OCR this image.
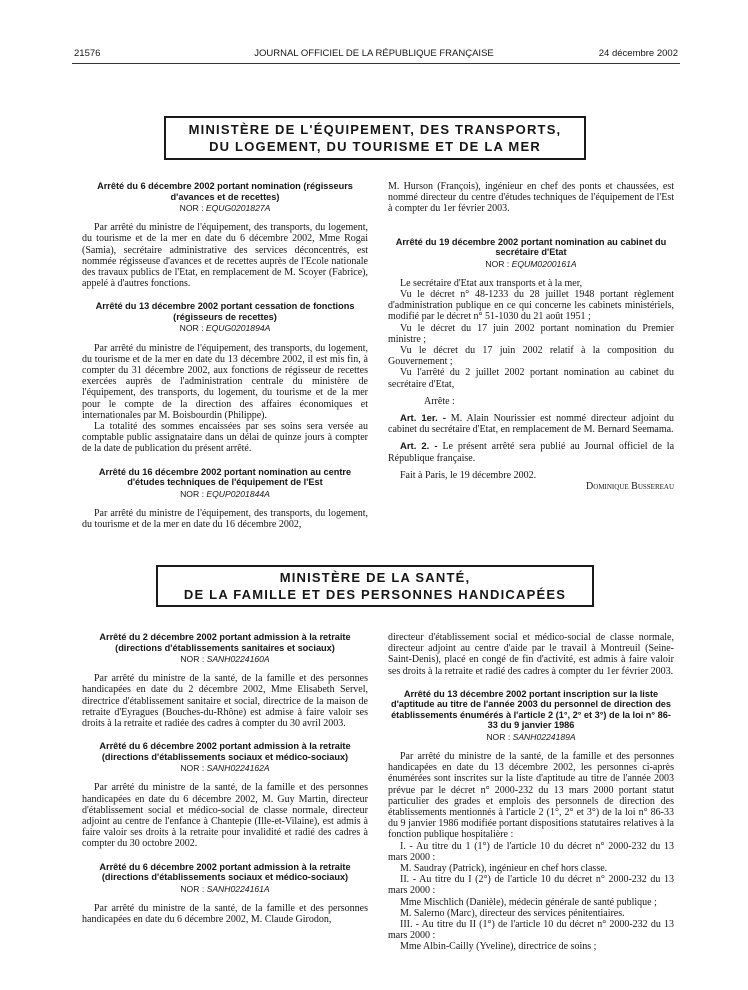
21576	JOURNAL OFFICIEL DE LA RÉPUBLIQUE FRANÇAISE	24 décembre 2002
MINISTÈRE DE L'ÉQUIPEMENT, DES TRANSPORTS,
DU LOGEMENT, DU TOURISME ET DE LA MER

Arrêté du 6 décembre 2002 portant nomination (régisseurs d'avances et de recettes)

NOR : EQUG0201827A

Par arrêté du ministre de l'équipement, des transports, du logement, du tourisme et de la mer en date du 6 décembre 2002, Mme Rogai (Samia), secrétaire administrative des services déconcentrés, est nommée régisseuse d'avances et de recettes auprès de l'Ecole nationale des travaux publics de l'Etat, en remplacement de M. Scoyer (Fabrice), appelé à d'autres fonctions.

Arrêté du 13 décembre 2002 portant cessation de fonctions (régisseurs de recettes)

NOR : EQUG0201894A

Par arrêté du ministre de l'équipement, des transports, du logement, du tourisme et de la mer en date du 13 décembre 2002, il est mis fin, à compter du 31 décembre 2002, aux fonctions de régisseur de recettes exercées auprès de l'administration centrale du ministère de l'équipement, des transports, du logement, du tourisme et de la mer pour le compte de la direction des affaires économiques et internationales par M. Boisbourdin (Philippe).

La totalité des sommes encaissées par ses soins sera versée au comptable public assignataire dans un délai de quinze jours à compter de la date de publication du présent arrêté.

Arrêté du 16 décembre 2002 portant nomination au centre d'études techniques de l'équipement de l'Est

NOR : EQUP0201844A

Par arrêté du ministre de l'équipement, des transports, du logement, du tourisme et de la mer en date du 16 décembre 2002,

M. Hurson (François), ingénieur en chef des ponts et chaussées, est nommé directeur du centre d'études techniques de l'équipement de l'Est à compter du 1er février 2003.

Arrêté du 19 décembre 2002 portant nomination au cabinet du secrétaire d'Etat

NOR : EQUM0200161A

Le secrétaire d'Etat aux transports et à la mer,

Vu le décret n° 48-1233 du 28 juillet 1948 portant règlement d'administration publique en ce qui concerne les cabinets ministériels, modifié par le décret n° 51-1030 du 21 août 1951 ;

Vu le décret du 17 juin 2002 portant nomination du Premier ministre ;

Vu le décret du 17 juin 2002 relatif à la composition du Gouvernement ;

Vu l'arrêté du 2 juillet 2002 portant nomination au cabinet du secrétaire d'Etat,

Arrête :

Art. 1er. - M. Alain Nourissier est nommé directeur adjoint du cabinet du secrétaire d'Etat, en remplacement de M. Bernard Seemama.

Art. 2. - Le présent arrêté sera publié au Journal officiel de la République française.

Fait à Paris, le 19 décembre 2002.

Dominique Bussereau

MINISTÈRE DE LA SANTÉ,
DE LA FAMILLE ET DES PERSONNES HANDICAPÉES

Arrêté du 2 décembre 2002 portant admission à la retraite (directions d'établissements sanitaires et sociaux)

NOR : SANH0224160A

Par arrêté du ministre de la santé, de la famille et des personnes handicapées en date du 2 décembre 2002, Mme Elisabeth Servel, directrice d'établissement sanitaire et social, directrice de la maison de retraite d'Eyragues (Bouches-du-Rhône) est admise à faire valoir ses droits à la retraite et radiée des cadres à compter du 30 avril 2003.

Arrêté du 6 décembre 2002 portant admission à la retraite (directions d'établissements sociaux et médico-sociaux)

NOR : SANH0224162A

Par arrêté du ministre de la santé, de la famille et des personnes handicapées en date du 6 décembre 2002, M. Guy Martin, directeur d'établissement social et médico-social de classe normale, directeur adjoint au centre de l'enfance à Chantepie (Ille-et-Vilaine), est admis à faire valoir ses droits à la retraite pour invalidité et radié des cadres à compter du 30 octobre 2002.

Arrêté du 6 décembre 2002 portant admission à la retraite (directions d'établissements sociaux et médico-sociaux)

NOR : SANH0224161A

Par arrêté du ministre de la santé, de la famille et des personnes handicapées en date du 6 décembre 2002, M. Claude Girodon,

directeur d'établissement social et médico-social de classe normale, directeur adjoint au centre d'aide par le travail à Montreuil (Seine-Saint-Denis), placé en congé de fin d'activité, est admis à faire valoir ses droits à la retraite et radié des cadres à compter du 1er février 2003.

Arrêté du 13 décembre 2002 portant inscription sur la liste d'aptitude au titre de l'année 2003 du personnel de direction des établissements énumérés à l'article 2 (1°, 2° et 3°) de la loi n° 86-33 du 9 janvier 1986

NOR : SANH0224189A

Par arrêté du ministre de la santé, de la famille et des personnes handicapées en date du 13 décembre 2002, les personnes ci-après énumérées sont inscrites sur la liste d'aptitude au titre de l'année 2003 prévue par le décret n° 2000-232 du 13 mars 2000 portant statut particulier des grades et emplois des personnels de direction des établissements mentionnés à l'article 2 (1°, 2° et 3°) de la loi n° 86-33 du 9 janvier 1986 modifiée portant dispositions statutaires relatives à la fonction publique hospitalière :

I. - Au titre du 1 (1°) de l'article 10 du décret n° 2000-232 du 13 mars 2000 :

M. Saudray (Patrick), ingénieur en chef hors classe.

II. - Au titre du I (2°) de l'article 10 du décret n° 2000-232 du 13 mars 2000 :

Mme Mischlich (Danièle), médecin générale de santé publique ;

M. Salerno (Marc), directeur des services pénitentiaires.

III. - Au titre du II (1°) de l'article 10 du décret n° 2000-232 du 13 mars 2000 :

Mme Albin-Cailly (Yveline), directrice de soins ;
